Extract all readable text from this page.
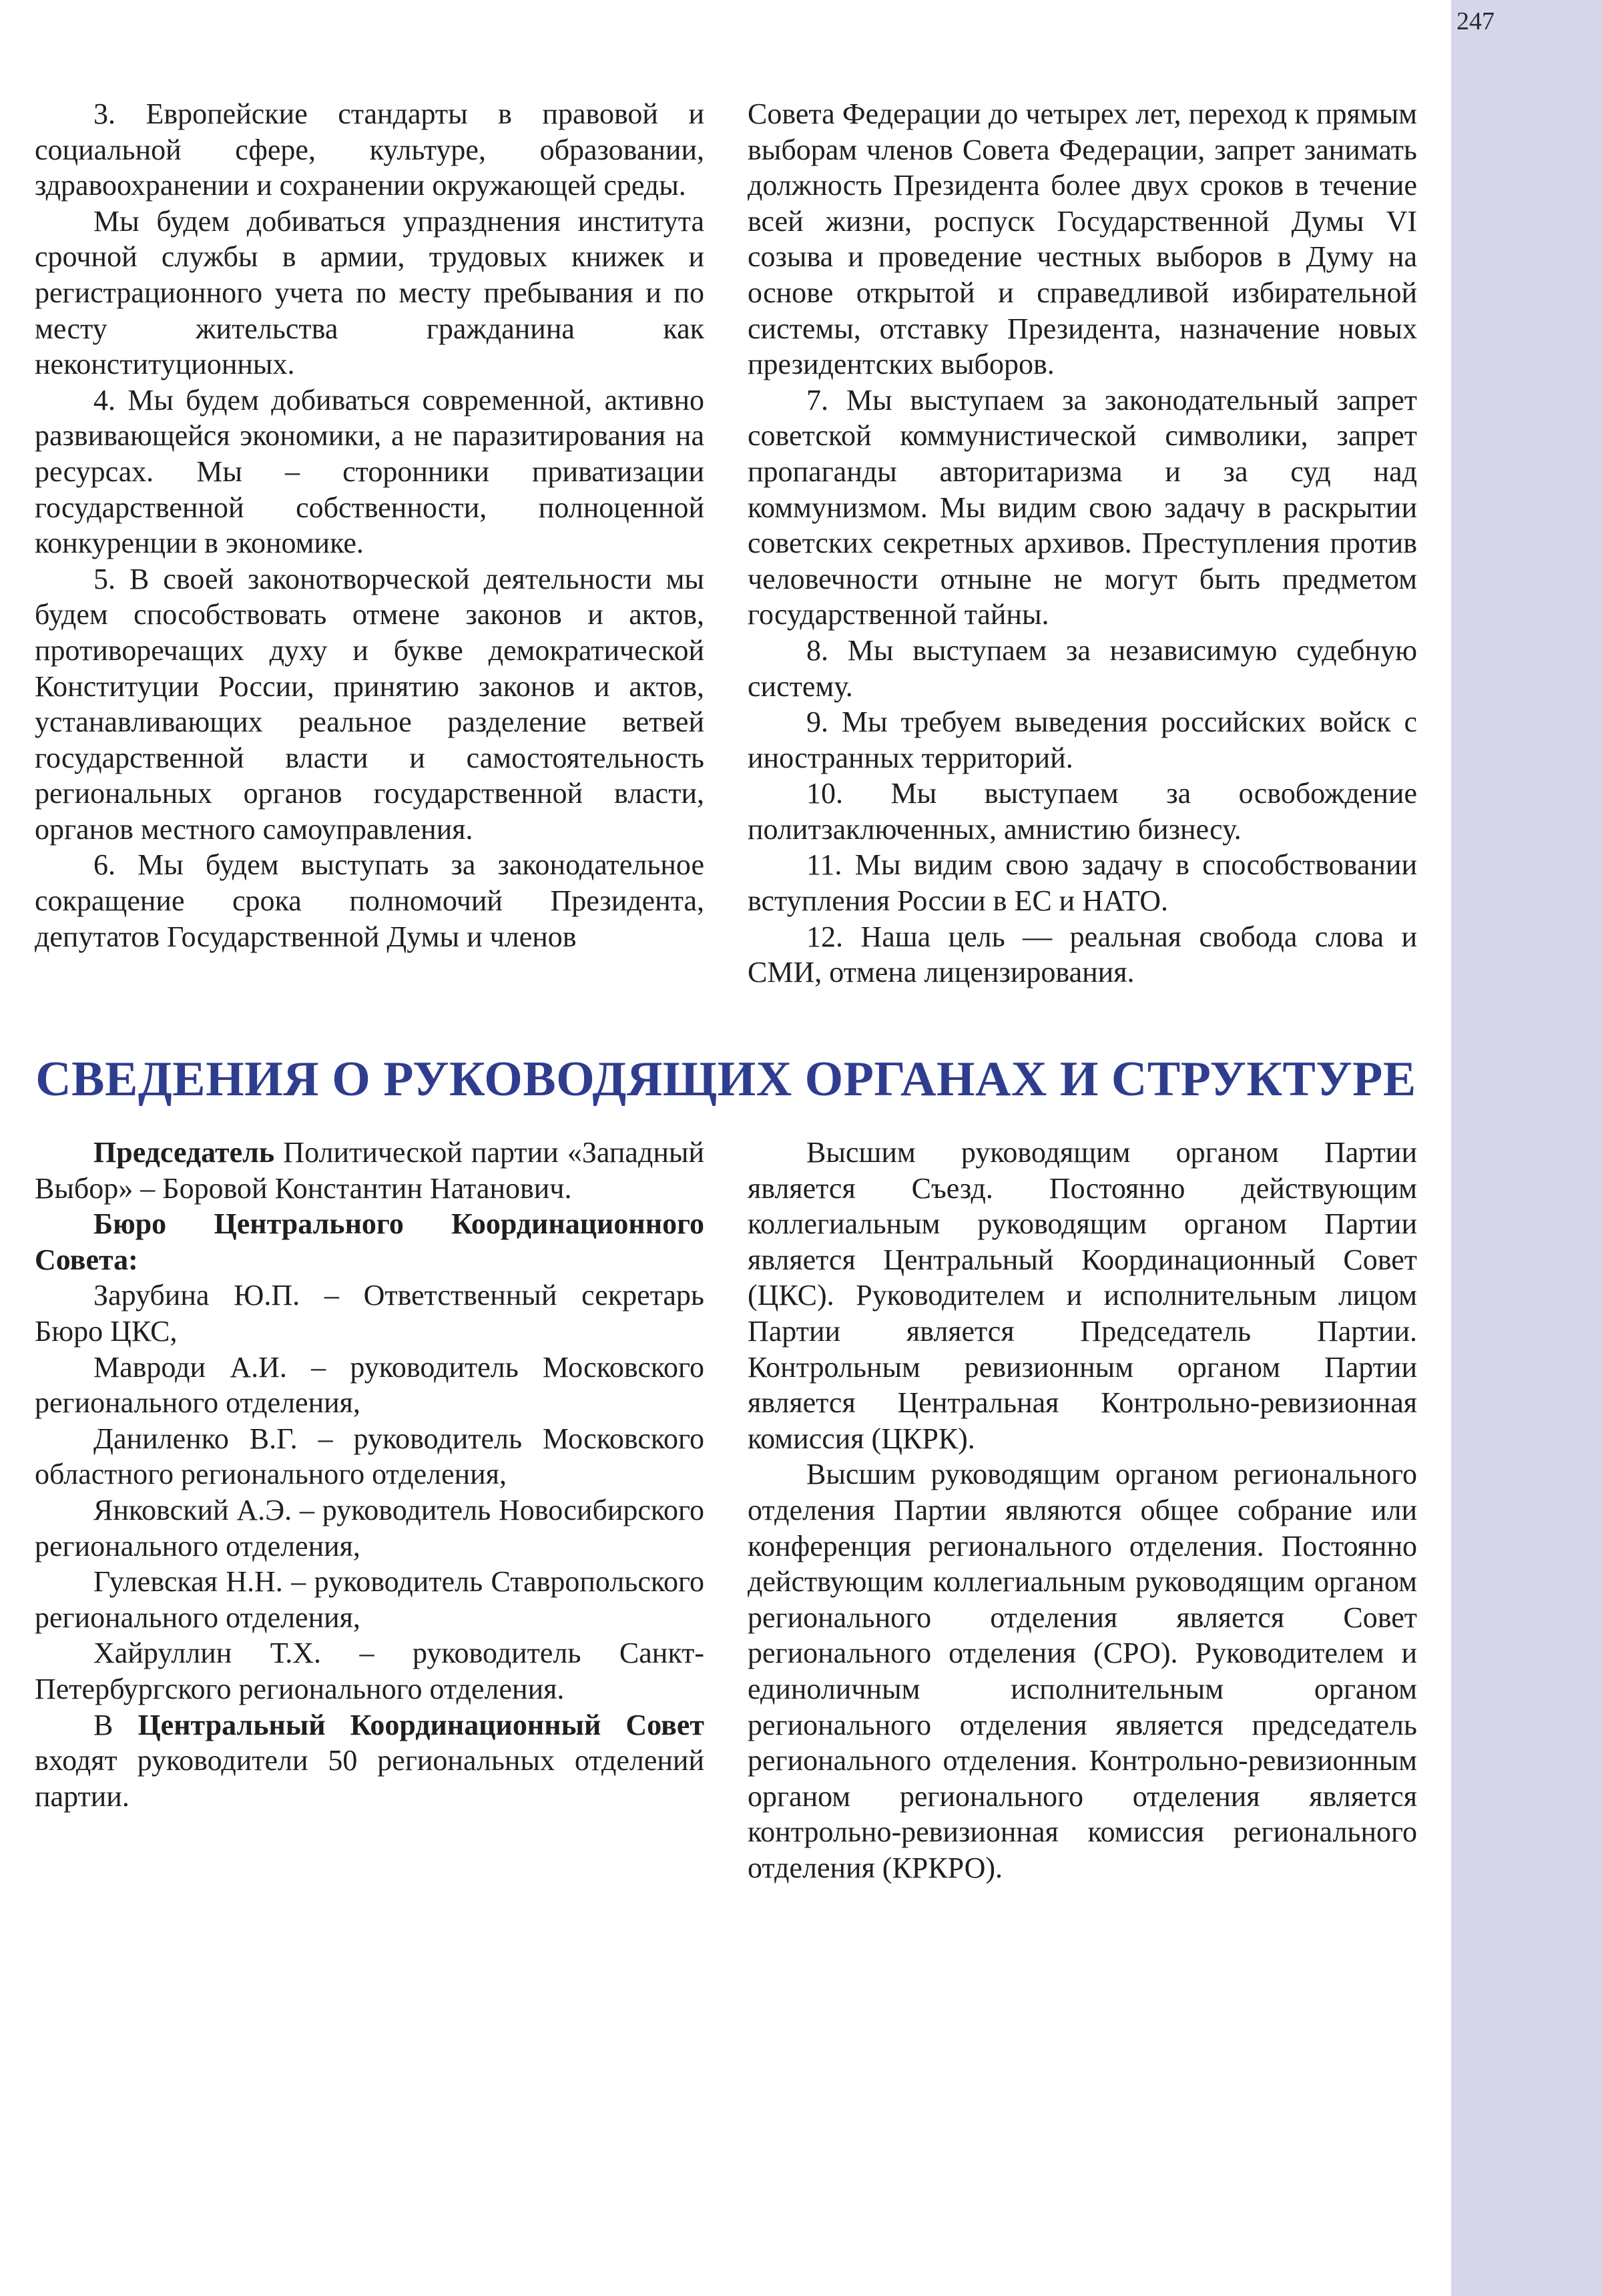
247

3. Европейские стандарты в правовой и социальной сфере, культуре, образовании, здравоохранении и сохранении окружающей среды.

Мы будем добиваться упразднения института срочной службы в армии, трудовых книжек и регистрационного учета по месту пребывания и по месту жительства гражданина как неконституционных.

4. Мы будем добиваться современной, активно развивающейся экономики, а не паразитирования на ресурсах. Мы – сторонники приватизации государственной собственности, полноценной конкуренции в экономике.

5. В своей законотворческой деятельности мы будем способствовать отмене законов и актов, противоречащих духу и букве демократической Конституции России, принятию законов и актов, устанавливающих реальное разделение ветвей государственной власти и самостоятельность региональных органов государственной власти, органов местного самоуправления.

6. Мы будем выступать за законодательное сокращение срока полномочий Президента, депутатов Государственной Думы и членов

Совета Федерации до четырех лет, переход к прямым выборам членов Совета Федерации, запрет занимать должность Президента более двух сроков в течение всей жизни, роспуск Государственной Думы VI созыва и проведение честных выборов в Думу на основе открытой и справедливой избирательной системы, отставку Президента, назначение новых президентских выборов.

7. Мы выступаем за законодательный запрет советской коммунистической символики, запрет пропаганды авторитаризма и за суд над коммунизмом. Мы видим свою задачу в раскрытии советских секретных архивов. Преступления против человечности отныне не могут быть предметом государственной тайны.

8. Мы выступаем за независимую судебную систему.

9. Мы требуем выведения российских войск с иностранных территорий.

10. Мы выступаем за освобождение политзаключенных, амнистию бизнесу.

11. Мы видим свою задачу в способствовании вступления России в ЕС и НАТО.

12. Наша цель — реальная свобода слова и СМИ, отмена лицензирования.

СВЕДЕНИЯ О РУКОВОДЯЩИХ ОРГАНАХ И СТРУКТУРЕ

Председатель Политической партии «Западный Выбор» – Боровой Константин Натанович.

Бюро Центрального Координационного Совета:

Зарубина Ю.П. – Ответственный секретарь Бюро ЦКС,

Мавроди А.И. – руководитель Московского регионального отделения,

Даниленко В.Г. – руководитель Московского областного регионального отделения,

Янковский А.Э. – руководитель Новосибирского регионального отделения,

Гулевская Н.Н. – руководитель Ставропольского регионального отделения,

Хайруллин Т.Х. – руководитель Санкт-Петербургского регионального отделения.

В Центральный Координационный Совет входят руководители 50 региональных отделений партии.

Высшим руководящим органом Партии является Съезд. Постоянно действующим коллегиальным руководящим органом Партии является Центральный Координационный Совет (ЦКС). Руководителем и исполнительным лицом Партии является Председатель Партии. Контрольным ревизионным органом Партии является Центральная Контрольно-ревизионная комиссия (ЦКРК).

Высшим руководящим органом регионального отделения Партии являются общее собрание или конференция регионального отделения. Постоянно действующим коллегиальным руководящим органом регионального отделения является Совет регионального отделения (СРО). Руководителем и единоличным исполнительным органом регионального отделения является председатель регионального отделения. Контрольно-ревизионным органом регионального отделения является контрольно-ревизионная комиссия регионального отделения (КРКРО).
